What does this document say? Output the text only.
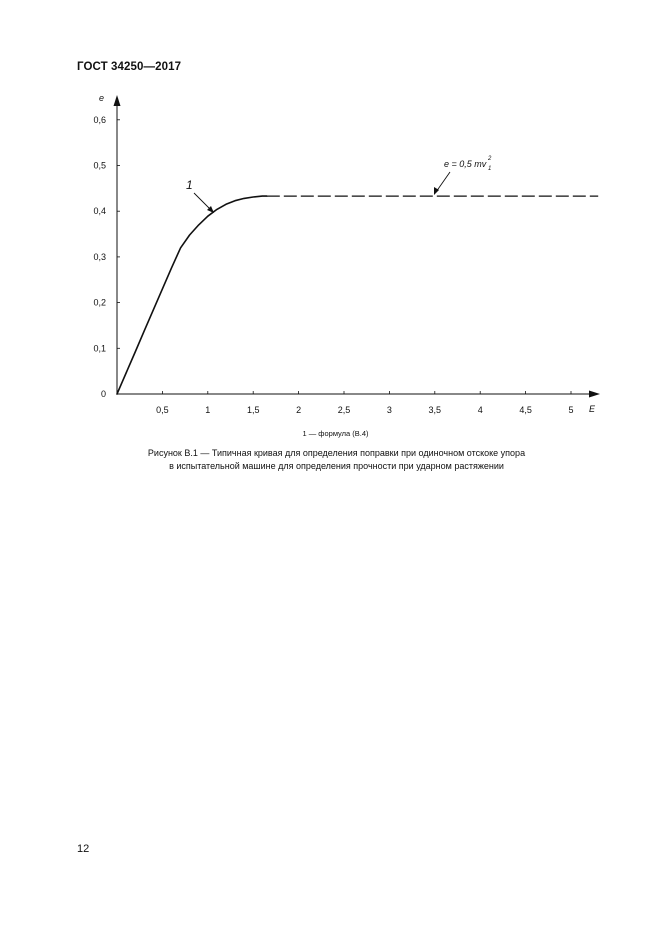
ГОСТ 34250—2017
E
e
0,5	1	1,5	2	2,5	3	3,5	4	4,5	5
0
0,1
0,2
0,3
0,4
0,5
0,6
1
e = 0,5 mv 2
1
1 — формула (В.4)
Рисунок В.1 — Типичная кривая для определения поправки при одиночном отскоке упора
в испытательной машине для определения прочности при ударном растяжении
12
